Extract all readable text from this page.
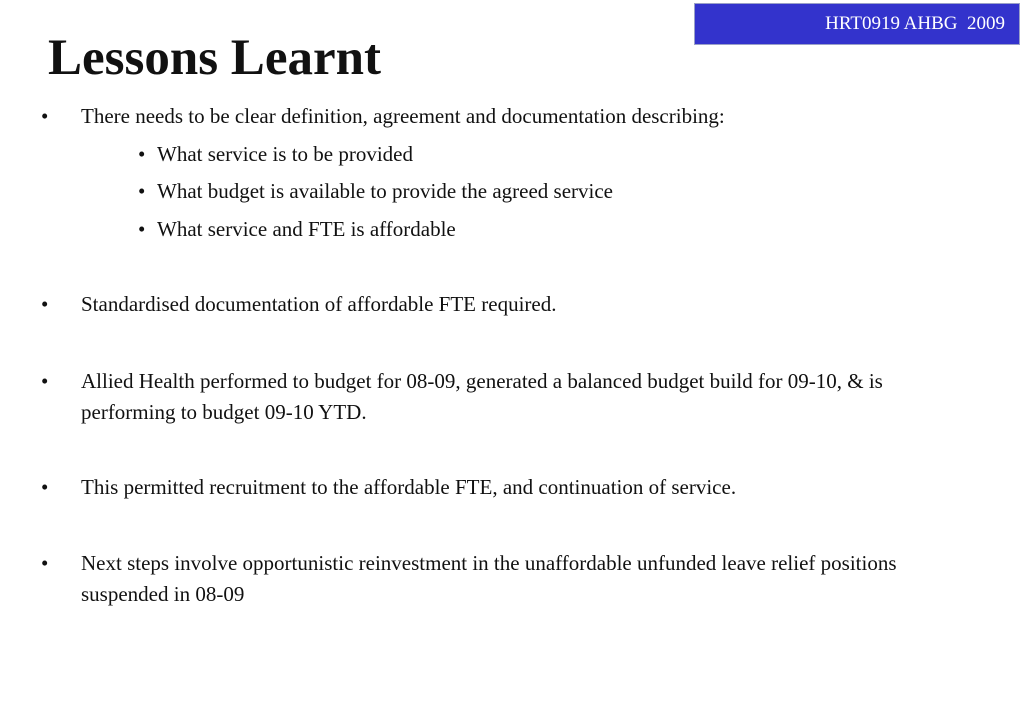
HRT0919 AHBG  2009
Lessons Learnt
• There needs to be clear definition, agreement and documentation describing:
• What service is to be provided
• What budget is available to provide the agreed service
• What service and FTE is affordable
• Standardised documentation of affordable FTE required.
• Allied Health performed to budget for 08-09, generated a balanced budget build for 09-10, & is performing to budget 09-10 YTD.
• This permitted recruitment to the affordable FTE, and continuation of service.
• Next steps involve opportunistic reinvestment in the unaffordable unfunded leave relief positions suspended in 08-09
